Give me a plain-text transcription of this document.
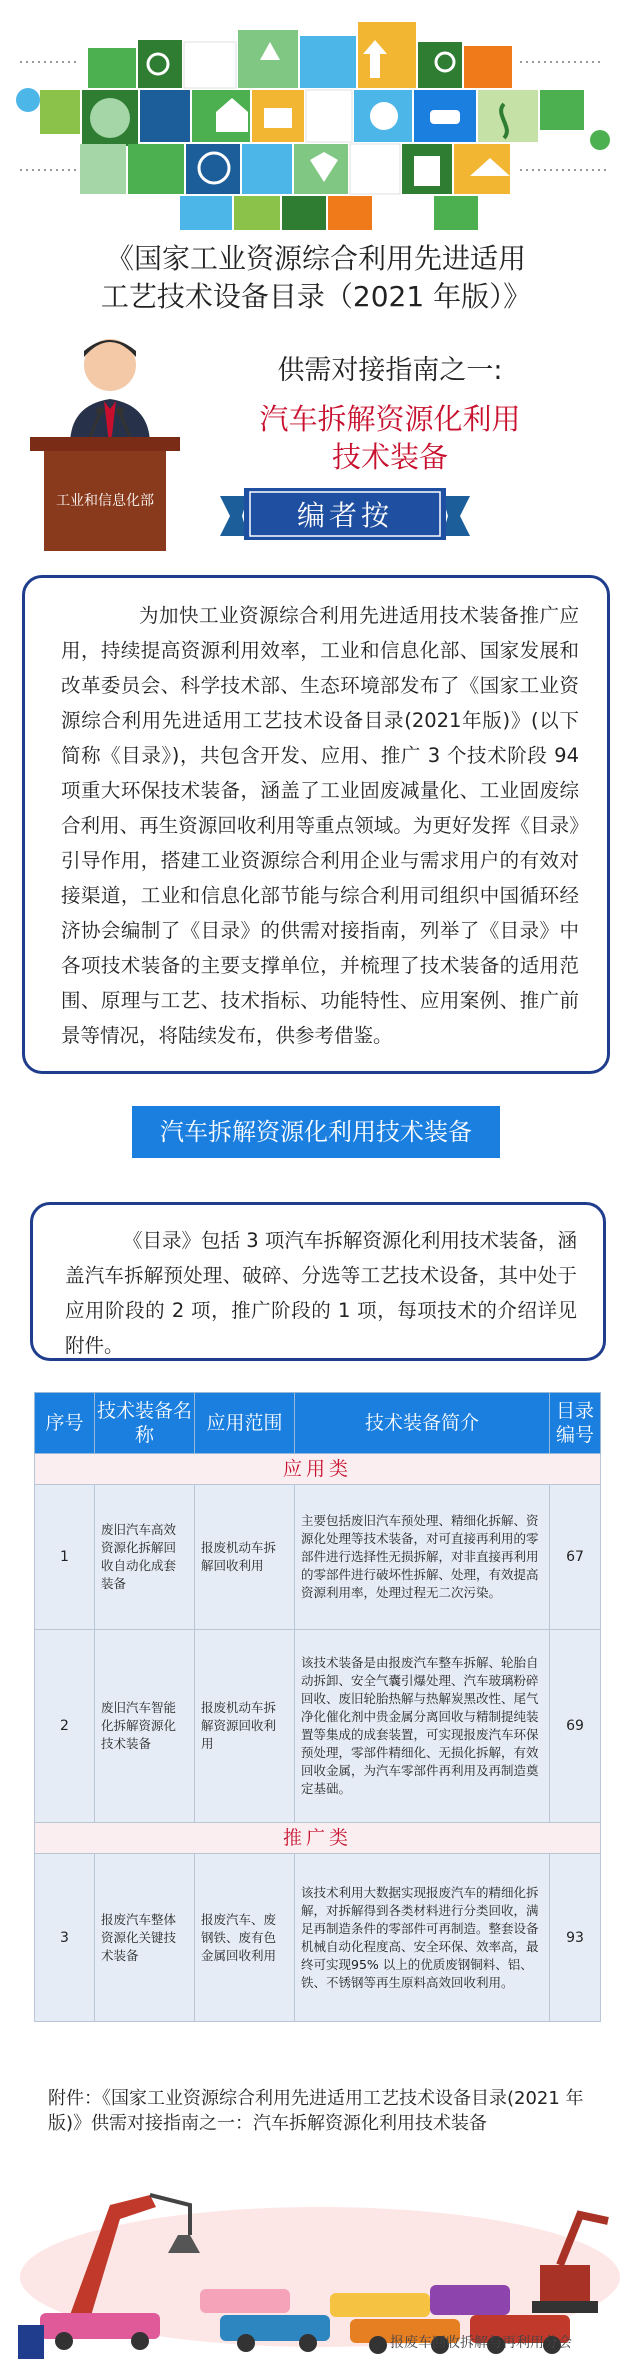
《国家工业资源综合利用先进适用
工艺技术设备目录（2021 年版）》
工业和信息化部
供需对接指南之一:
汽车拆解资源化利用
技术装备
编者按

为加快工业资源综合利用先进适用技术装备推广应用，持续提高资源利用效率，工业和信息化部、国家发展和改革委员会、科学技术部、生态环境部发布了《国家工业资源综合利用先进适用工艺技术设备目录(2021年版)》(以下简称《目录》)，共包含开发、应用、推广 3 个技术阶段 94 项重大环保技术装备，涵盖了工业固废减量化、工业固废综合利用、再生资源回收利用等重点领域。为更好发挥《目录》引导作用，搭建工业资源综合利用企业与需求用户的有效对接渠道，工业和信息化部节能与综合利用司组织中国循环经济协会编制了《目录》的供需对接指南，列举了《目录》中各项技术装备的主要支撑单位，并梳理了技术装备的适用范围、原理与工艺、技术指标、功能特性、应用案例、推广前景等情况，将陆续发布，供参考借鉴。

汽车拆解资源化利用技术装备

《目录》包括 3 项汽车拆解资源化利用技术装备，涵盖汽车拆解预处理、破碎、分选等工艺技术设备，其中处于应用阶段的 2 项，推广阶段的 1 项，每项技术的介绍详见附件。

序号	技术装备名称	应用范围	技术装备简介	目录编号
应用类				
1	废旧汽车高效资源化拆解回收自动化成套装备	报废机动车拆解回收利用	主要包括废旧汽车预处理、精细化拆解、资源化处理等技术装备，对可直接再利用的零部件进行选择性无损拆解，对非直接再利用的零部件进行破坏性拆解、处理，有效提高资源利用率，处理过程无二次污染。	67
2	废旧汽车智能化拆解资源化技术装备	报废机动车拆解资源回收利用	该技术装备是由报废汽车整车拆解、轮胎自动拆卸、安全气囊引爆处理、汽车玻璃粉碎回收、废旧轮胎热解与热解炭黑改性、尾气净化催化剂中贵金属分离回收与精制提纯装置等集成的成套装置，可实现报废汽车环保预处理，零部件精细化、无损化拆解，有效回收金属，为汽车零部件再利用及再制造奠定基础。	69
推广类				
3	报废汽车整体资源化关键技术装备	报废汽车、废钢铁、废有色金属回收利用	该技术利用大数据实现报废汽车的精细化拆解，对拆解得到各类材料进行分类回收，满足再制造条件的零部件可再制造。整套设备机械自动化程度高、安全环保、效率高，最终可实现95% 以上的优质废钢铜料、铝、铁、不锈钢等再生原料高效回收利用。	93
附件：《国家工业资源综合利用先进适用工艺技术设备目录(2021 年版)》供需对接指南之一：汽车拆解资源化利用技术装备
报废车回收拆解与再利用分会
